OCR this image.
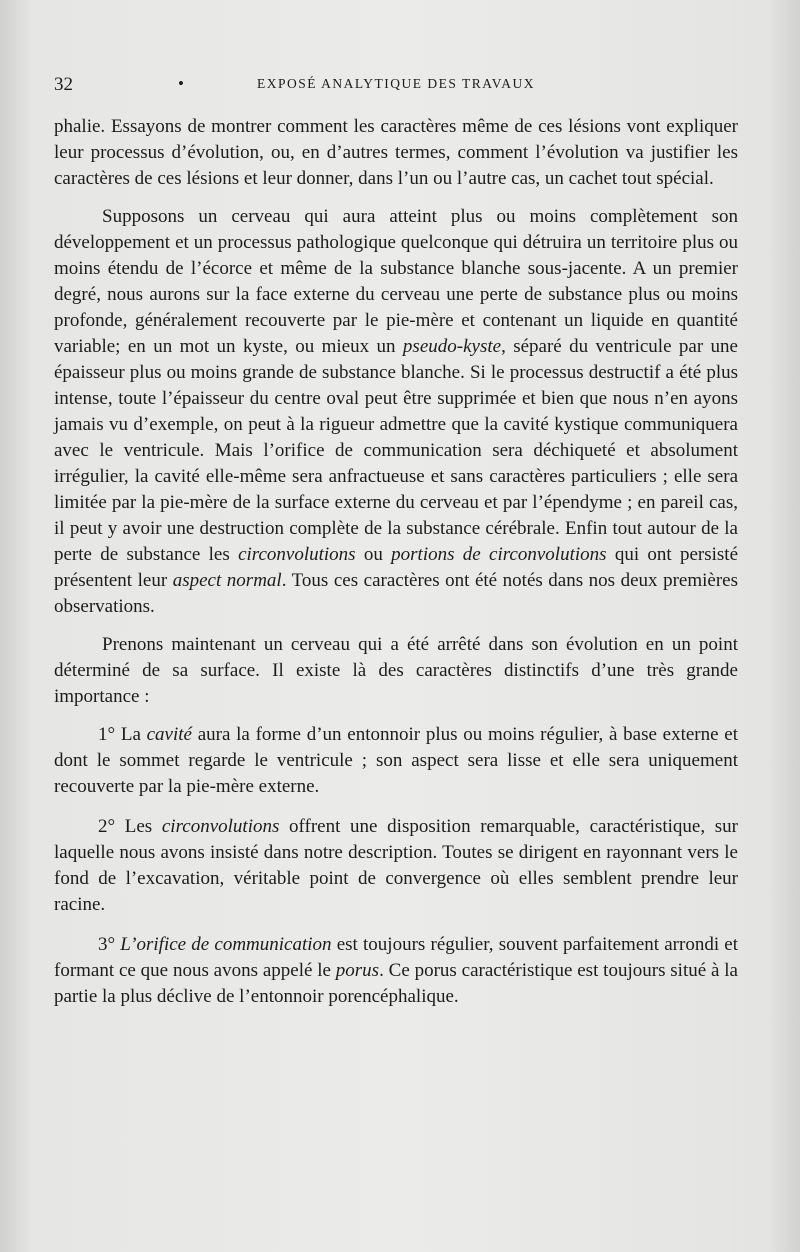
32	•	EXPOSÉ ANALYTIQUE DES TRAVAUX

phalie. Essayons de montrer comment les caractères même de ces lésions vont expliquer leur processus d’évolution, ou, en d’autres termes, comment l’évolution va justifier les caractères de ces lésions et leur donner, dans l’un ou l’autre cas, un cachet tout spécial.

Supposons un cerveau qui aura atteint plus ou moins complètement son développement et un processus pathologique quelconque qui détruira un territoire plus ou moins étendu de l’écorce et même de la substance blanche sous-jacente. A un premier degré, nous aurons sur la face externe du cerveau une perte de substance plus ou moins profonde, généralement recouverte par le pie-mère et contenant un liquide en quantité variable; en un mot un kyste, ou mieux un pseudo-kyste, séparé du ventricule par une épaisseur plus ou moins grande de substance blanche. Si le processus destructif a été plus intense, toute l’épaisseur du centre oval peut être supprimée et bien que nous n’en ayons jamais vu d’exemple, on peut à la rigueur admettre que la cavité kystique communiquera avec le ventricule. Mais l’orifice de communication sera déchiqueté et absolument irrégulier, la cavité elle-même sera anfractueuse et sans caractères particuliers ; elle sera limitée par la pie-mère de la surface externe du cerveau et par l’épendyme ; en pareil cas, il peut y avoir une destruction complète de la substance cérébrale. Enfin tout autour de la perte de substance les circonvolutions ou portions de circonvolutions qui ont persisté présentent leur aspect normal. Tous ces caractères ont été notés dans nos deux premières observations.

Prenons maintenant un cerveau qui a été arrêté dans son évolution en un point déterminé de sa surface. Il existe là des caractères distinctifs d’une très grande importance :

1° La cavité aura la forme d’un entonnoir plus ou moins régulier, à base externe et dont le sommet regarde le ventricule ; son aspect sera lisse et elle sera uniquement recouverte par la pie-mère externe.

2° Les circonvolutions offrent une disposition remarquable, caractéristique, sur laquelle nous avons insisté dans notre description. Toutes se dirigent en rayonnant vers le fond de l’excavation, véritable point de convergence où elles semblent prendre leur racine.

3° L’orifice de communication est toujours régulier, souvent parfaitement arrondi et formant ce que nous avons appelé le porus. Ce porus caractéristique est toujours situé à la partie la plus déclive de l’entonnoir porencéphalique.
